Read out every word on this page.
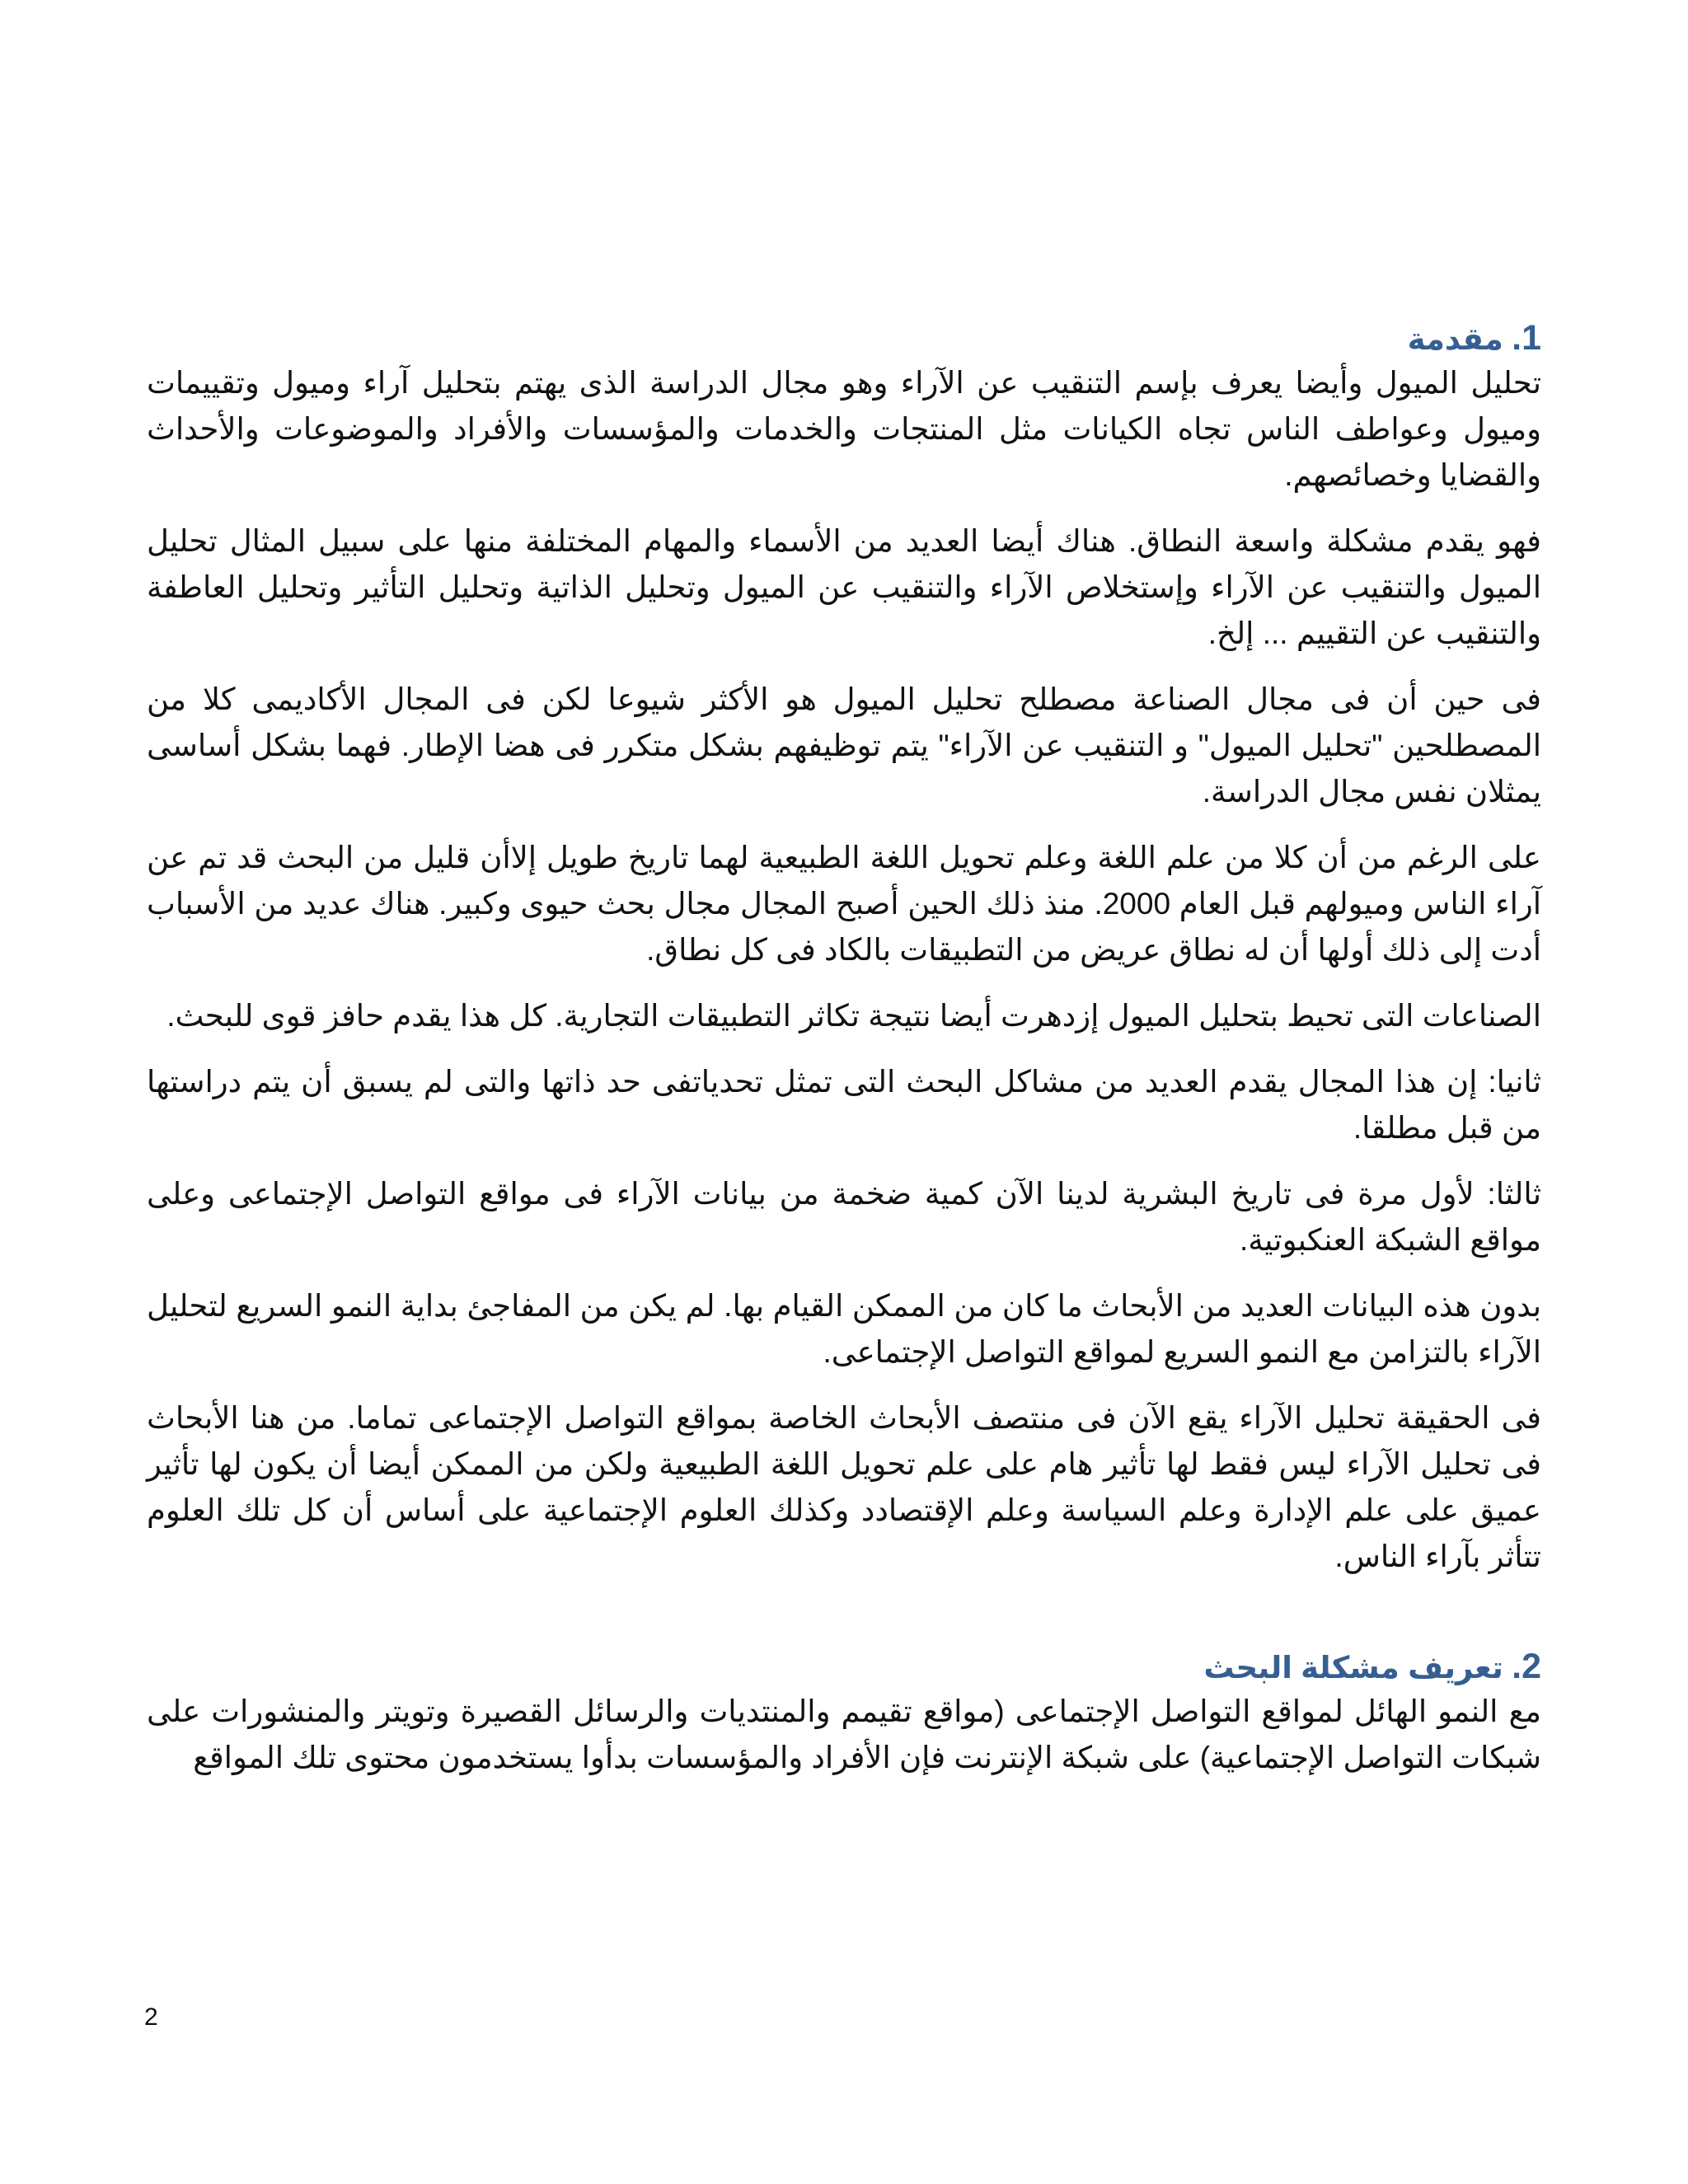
1. مقدمة

تحليل الميول وأيضا يعرف بإسم التنقيب عن الآراء وهو مجال الدراسة الذى يهتم بتحليل آراء وميول وتقييمات وميول وعواطف الناس تجاه الكيانات مثل المنتجات والخدمات والمؤسسات والأفراد والموضوعات والأحداث والقضايا وخصائصهم.

فهو يقدم مشكلة واسعة النطاق. هناك أيضا العديد من الأسماء والمهام المختلفة منها على سبيل المثال تحليل الميول والتنقيب عن الآراء وإستخلاص الآراء والتنقيب عن الميول وتحليل الذاتية وتحليل التأثير وتحليل العاطفة والتنقيب عن التقييم ... إلخ.

فى حين أن فى مجال الصناعة مصطلح تحليل الميول هو الأكثر شيوعا لكن فى المجال الأكاديمى كلا من المصطلحين "تحليل الميول" و التنقيب عن الآراء" يتم توظيفهم بشكل متكرر فى هضا الإطار. فهما بشكل أساسى يمثلان نفس مجال الدراسة.

على الرغم من أن كلا من علم اللغة وعلم تحويل اللغة الطبيعية لهما تاريخ طويل إلاأن قليل من البحث قد تم عن آراء الناس وميولهم قبل العام 2000. منذ ذلك الحين أصبح المجال مجال بحث حيوى وكبير. هناك عديد من الأسباب أدت إلى ذلك أولها أن له نطاق عريض من التطبيقات بالكاد فى كل نطاق.

الصناعات التى تحيط بتحليل الميول إزدهرت أيضا نتيجة تكاثر التطبيقات التجارية. كل هذا يقدم حافز قوى للبحث.

ثانيا: إن هذا المجال يقدم العديد من مشاكل البحث التى تمثل تحدياتفى حد ذاتها والتى لم يسبق أن يتم دراستها من قبل مطلقا.

ثالثا: لأول مرة فى تاريخ البشرية لدينا الآن كمية ضخمة من بيانات الآراء فى مواقع التواصل الإجتماعى وعلى مواقع الشبكة العنكبوتية.

بدون هذه البيانات العديد من الأبحاث ما كان من الممكن القيام بها. لم يكن من المفاجئ بداية النمو السريع لتحليل الآراء بالتزامن مع النمو السريع لمواقع التواصل الإجتماعى.

فى الحقيقة تحليل الآراء يقع الآن فى منتصف الأبحاث الخاصة بمواقع التواصل الإجتماعى تماما. من هنا الأبحاث فى تحليل الآراء ليس فقط لها تأثير هام على علم تحويل اللغة الطبيعية ولكن من الممكن أيضا أن يكون لها تأثير عميق على علم الإدارة وعلم السياسة وعلم الإقتصادد وكذلك العلوم الإجتماعية على أساس أن كل تلك العلوم تتأثر بآراء الناس.

2. تعريف مشكلة البحث

مع النمو الهائل لمواقع التواصل الإجتماعى (مواقع تقيمم والمنتديات والرسائل القصيرة وتويتر والمنشورات على شبكات التواصل الإجتماعية) على شبكة الإنترنت فإن الأفراد والمؤسسات بدأوا يستخدمون محتوى تلك المواقع

2
